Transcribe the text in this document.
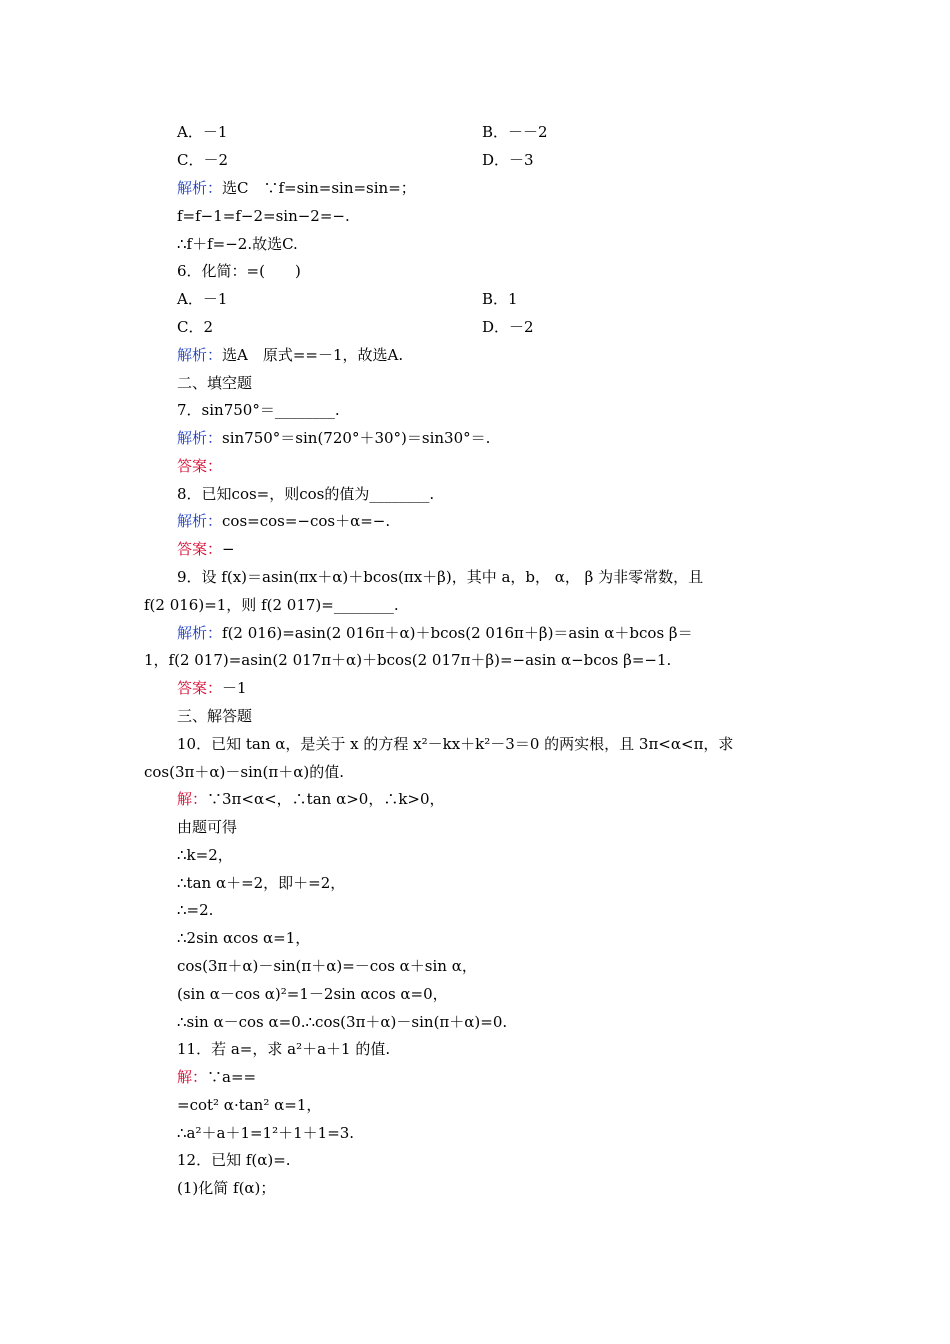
A．－1	B．－－2
C．－2	D．－3
解析：选C　∵f=sin=sin=sin=；
f=f−1=f−2=sin−2=−.
∴f＋f=−2.故选C.
6．化简：=(　　)
A．－1	B．1
C．2	D．－2
解析：选A　原式==－1，故选A.
二、填空题
7．sin750°＝________.
解析：sin750°＝sin(720°＋30°)＝sin30°＝.
答案：
8．已知cos=，则cos的值为________.
解析：cos=cos=−cos＋α=−.
答案：−
9．设 f(x)＝asin(πx＋α)＋bcos(πx＋β)，其中 a，b， α， β 为非零常数，且
f(2 016)=1，则 f(2 017)=________.
解析：f(2 016)=asin(2 016π＋α)＋bcos(2 016π＋β)＝asin α＋bcos β＝
1，f(2 017)=asin(2 017π＋α)＋bcos(2 017π＋β)=−asin α−bcos β=−1.
答案：－1
三、解答题
10．已知 tan α，是关于 x 的方程 x²－kx＋k²－3＝0 的两实根，且 3π<α<π，求
cos(3π＋α)－sin(π＋α)的值.
解：∵3π<α<，∴tan α>0，∴k>0，
由题可得
∴k=2，
∴tan α＋=2，即＋=2，
∴=2.
∴2sin αcos α=1，
cos(3π＋α)－sin(π＋α)=－cos α＋sin α，
(sin α－cos α)²=1－2sin αcos α=0，
∴sin α－cos α=0.∴cos(3π＋α)－sin(π＋α)=0.
11．若 a=，求 a²＋a＋1 的值.
解：∵a==
=cot² α·tan² α=1，
∴a²＋a＋1=1²＋1＋1=3.
12．已知 f(α)=.
(1)化简 f(α)；
